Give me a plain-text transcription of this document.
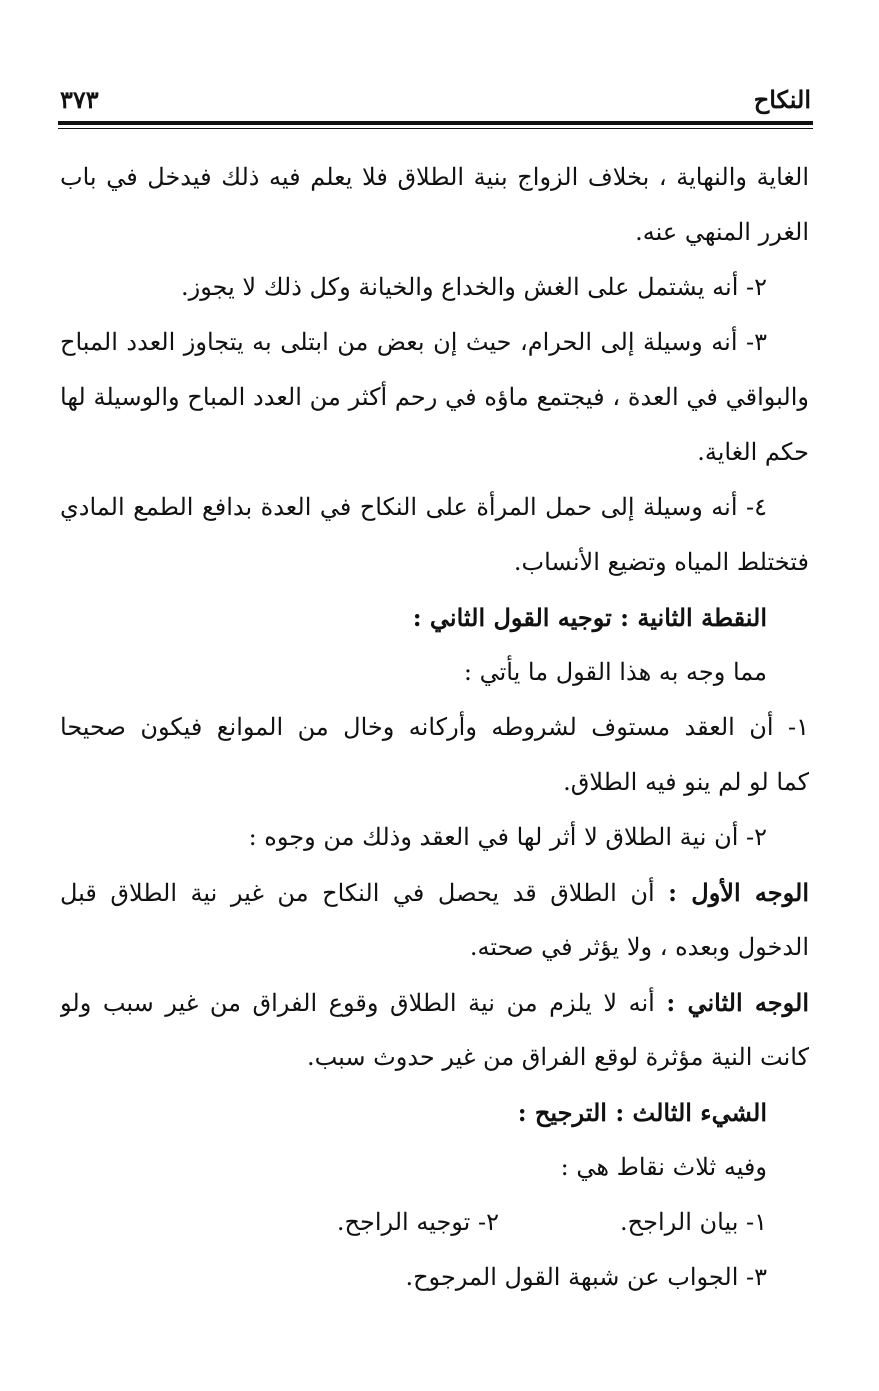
النكاح
٣٧٣
الغاية والنهاية ، بخلاف الزواج بنية الطلاق فلا يعلم فيه ذلك فيدخل في باب
الغرر المنهي عنه.
٢- أنه يشتمل على الغش والخداع والخيانة وكل ذلك لا يجوز.
٣- أنه وسيلة إلى الحرام، حيث إن بعض من ابتلى به يتجاوز العدد المباح
والبواقي في العدة ، فيجتمع ماؤه في رحم أكثر من العدد المباح والوسيلة لها
حكم الغاية.
٤- أنه وسيلة إلى حمل المرأة على النكاح في العدة بدافع الطمع المادي
فتختلط المياه وتضيع الأنساب.
النقطة الثانية : توجيه القول الثاني :
مما وجه به هذا القول ما يأتي :
١- أن العقد مستوف لشروطه وأركانه وخال من الموانع فيكون صحيحا
كما لو لم ينو فيه الطلاق.
٢- أن نية الطلاق لا أثر لها في العقد وذلك من وجوه :
الوجه الأول : أن الطلاق قد يحصل في النكاح من غير نية الطلاق قبل
الدخول وبعده ، ولا يؤثر في صحته.
الوجه الثاني : أنه لا يلزم من نية الطلاق وقوع الفراق من غير سبب ولو
كانت النية مؤثرة لوقع الفراق من غير حدوث سبب.
الشيء الثالث : الترجيح :
وفيه ثلاث نقاط هي :
١- بيان الراجح.
٢- توجيه الراجح.
٣- الجواب عن شبهة القول المرجوح.
